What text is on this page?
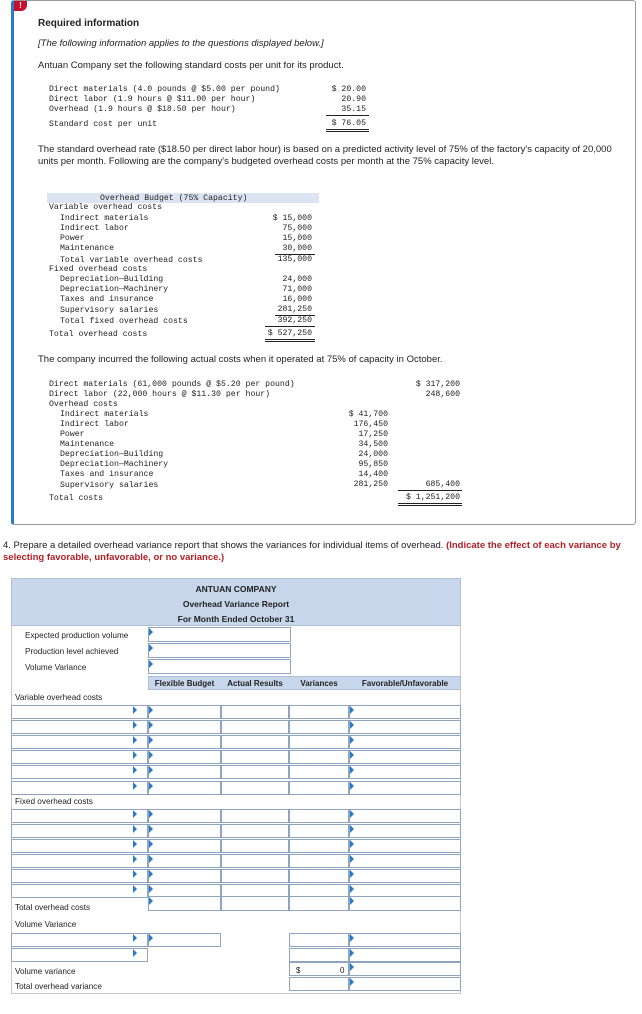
!
Required information
[The following information applies to the questions displayed below.]
Antuan Company set the following standard costs per unit for its product.
Direct materials (4.0 pounds @ $5.00 per pound)	$ 20.00
Direct labor (1.9 hours @ $11.00 per hour)	20.90
Overhead (1.9 hours @ $18.50 per hour)	35.15
Standard cost per unit	$ 76.05
The standard overhead rate ($18.50 per direct labor hour) is based on a predicted activity level of 75% of the factory's capacity of 20,000 units per month. Following are the company's budgeted overhead costs per month at the 75% capacity level.
Overhead Budget (75% Capacity)
Variable overhead costs
Indirect materials	$ 15,000
Indirect labor	75,000
Power	15,000
Maintenance	30,000
Total variable overhead costs	135,000
Fixed overhead costs
Depreciation—Building	24,000
Depreciation—Machinery	71,000
Taxes and insurance	16,000
Supervisory salaries	281,250
Total fixed overhead costs	392,250
Total overhead costs	$ 527,250
The company incurred the following actual costs when it operated at 75% of capacity in October.
Direct materials (61,000 pounds @ $5.20 per pound)	$ 317,200
Direct labor (22,000 hours @ $11.30 per hour)	248,600
Overhead costs
Indirect materials	$ 41,700
Indirect labor	176,450
Power	17,250
Maintenance	34,500
Depreciation—Building	24,000
Depreciation—Machinery	95,850
Taxes and insurance	14,400
Supervisory salaries	281,250	685,400
Total costs	$ 1,251,200
4. Prepare a detailed overhead variance report that shows the variances for individual items of overhead. (Indicate the effect of each variance by selecting favorable, unfavorable, or no variance.)
ANTUAN COMPANY
Overhead Variance Report
For Month Ended October 31
Expected production volume
Production level achieved
Volume Variance
Flexible Budget	Actual Results	Variances	Favorable/Unfavorable
Variable overhead costs
Fixed overhead costs
Total overhead costs
Volume Variance
Volume variance
Total overhead variance
$	0
